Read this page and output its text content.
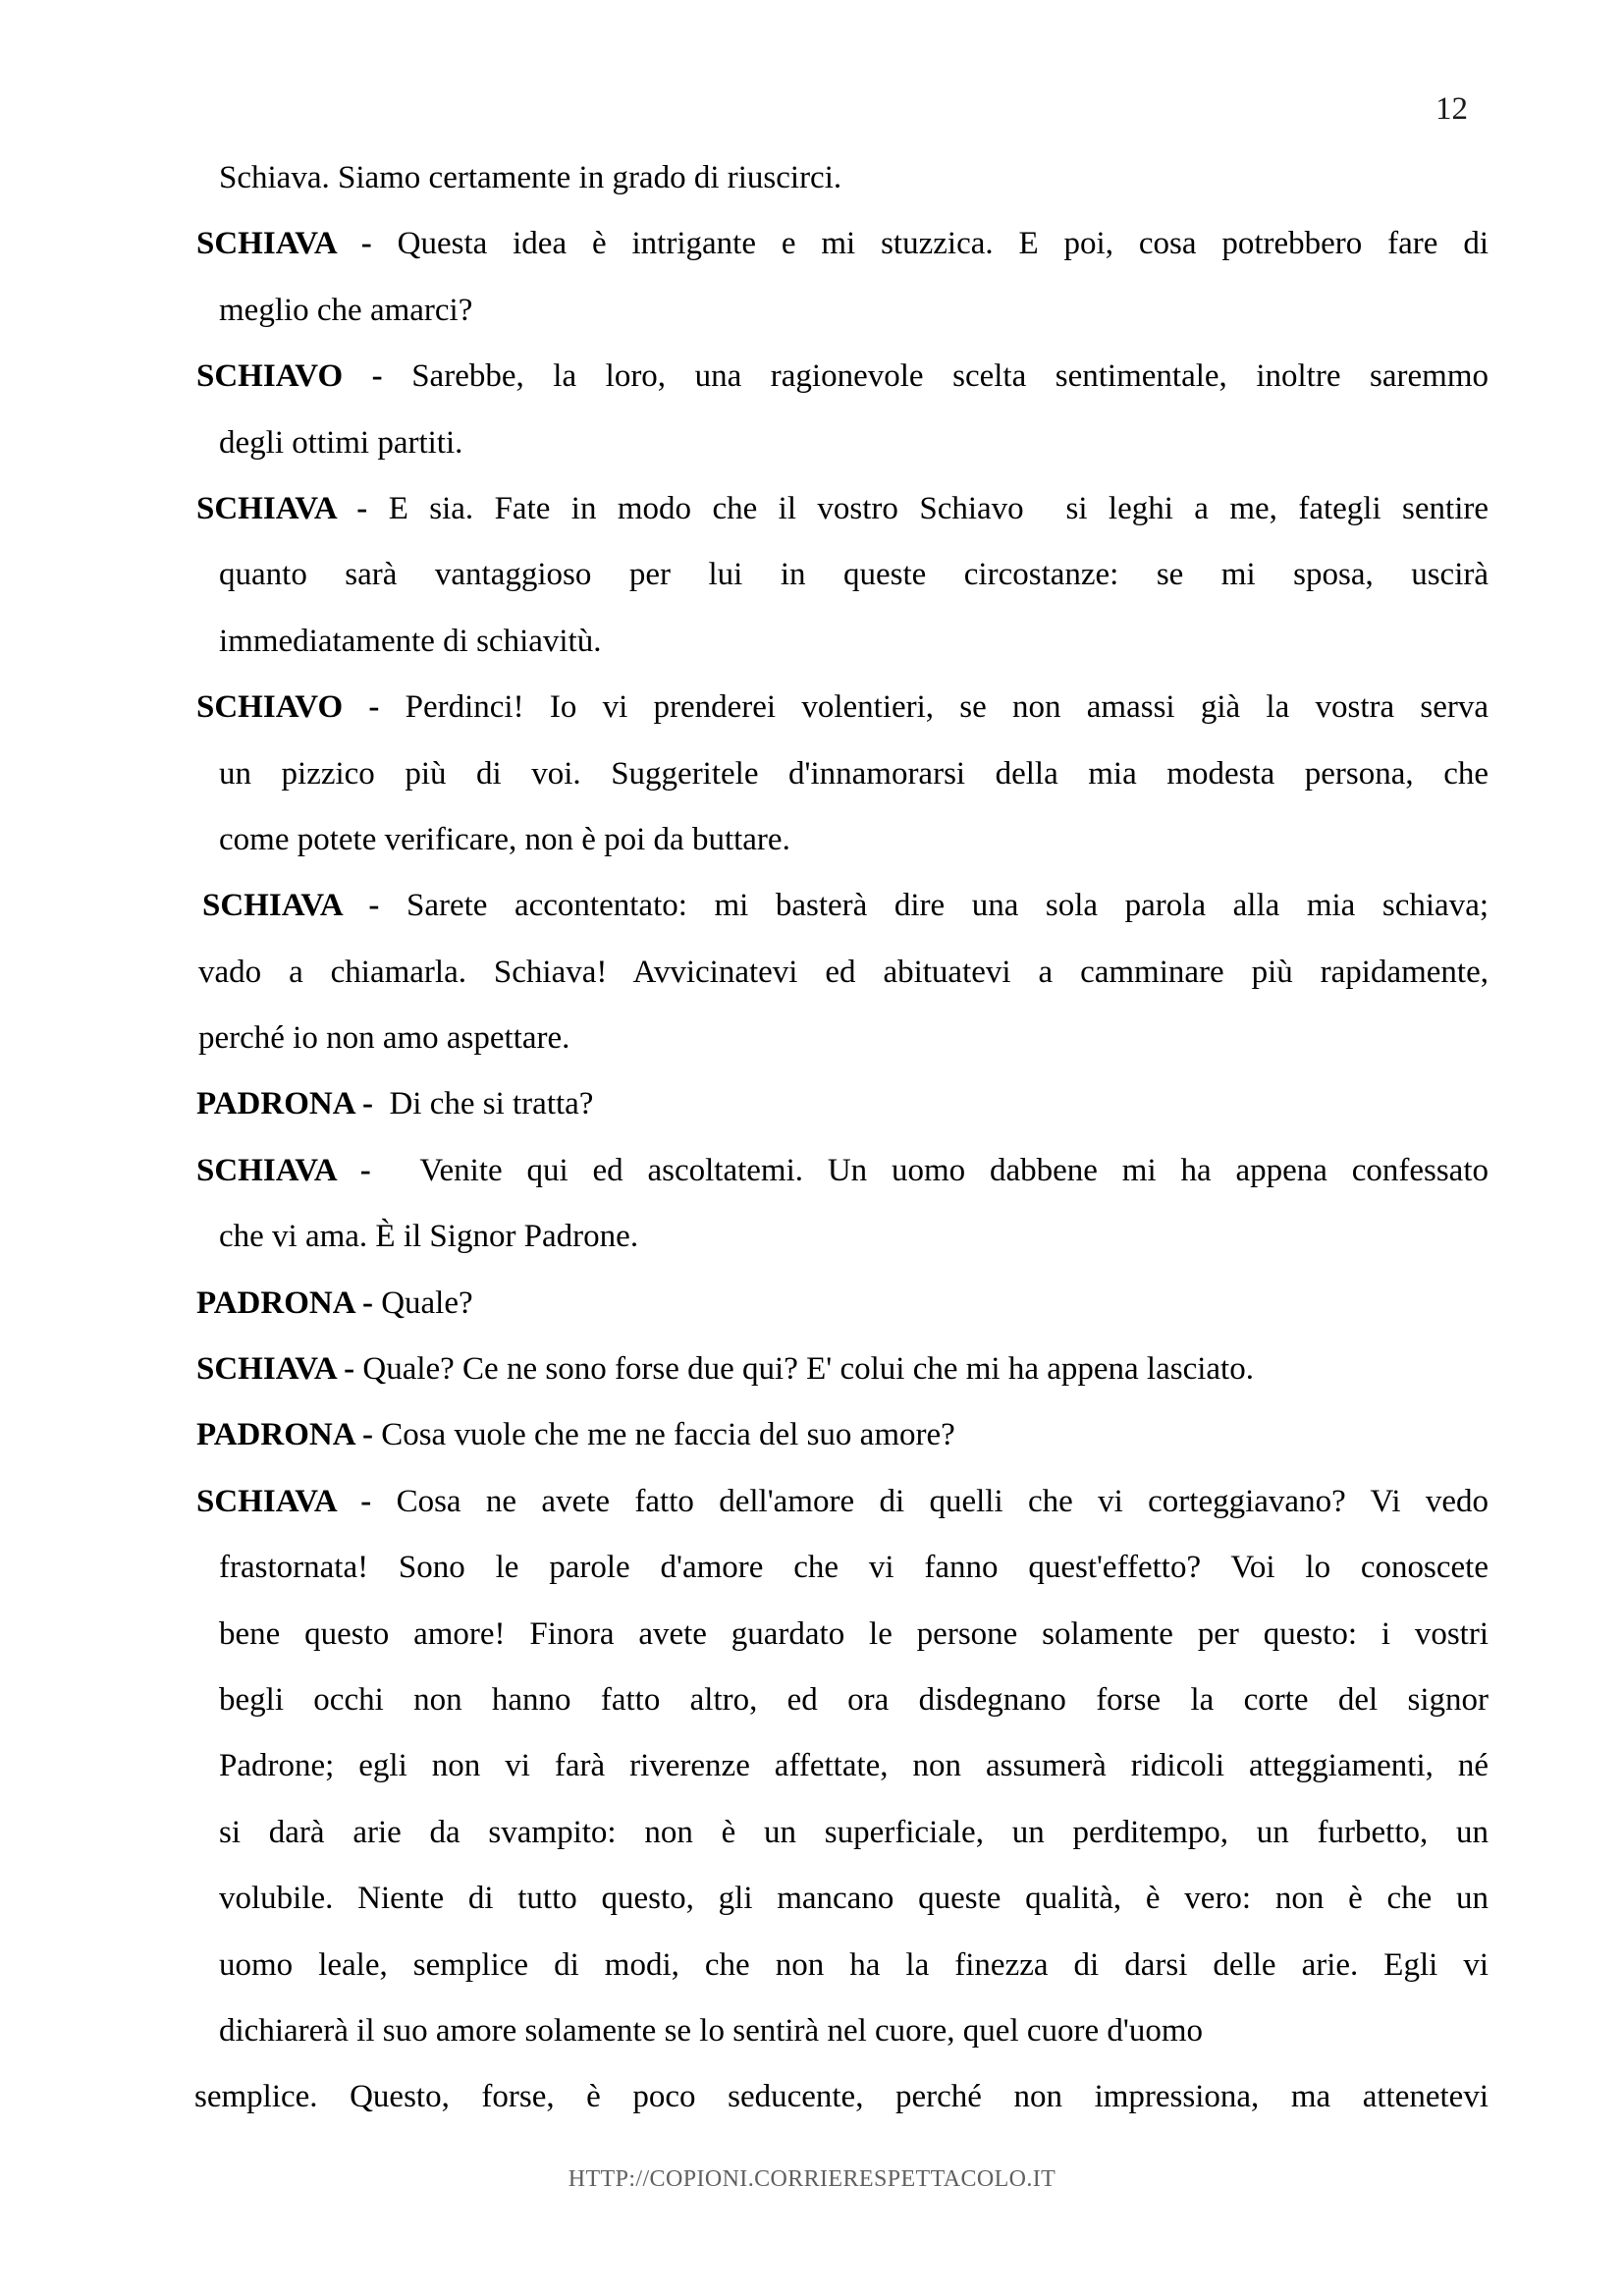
12
Schiava. Siamo certamente in grado di riuscirci.
SCHIAVA - Questa idea è intrigante e mi stuzzica. E poi, cosa potrebbero fare di
meglio che amarci?
SCHIAVO - Sarebbe, la loro, una ragionevole scelta sentimentale, inoltre saremmo
degli ottimi partiti.
SCHIAVA - E sia. Fate in modo che il vostro Schiavo  si leghi a me, fategli sentire
quanto sarà vantaggioso per lui in queste circostanze: se mi sposa, uscirà
immediatamente di schiavitù.
SCHIAVO - Perdinci! Io vi prenderei volentieri, se non amassi già la vostra serva
un pizzico più di voi. Suggeritele d'innamorarsi della mia modesta persona, che
come potete verificare, non è poi da buttare.
SCHIAVA - Sarete accontentato: mi basterà dire una sola parola alla mia schiava;
vado a chiamarla. Schiava! Avvicinatevi ed abituatevi a camminare più rapidamente,
perché io non amo aspettare.
PADRONA -  Di che si tratta?
SCHIAVA -  Venite qui ed ascoltatemi. Un uomo dabbene mi ha appena confessato
che vi ama. È il Signor Padrone.
PADRONA - Quale?
SCHIAVA - Quale? Ce ne sono forse due qui? E' colui che mi ha appena lasciato.
PADRONA - Cosa vuole che me ne faccia del suo amore?
SCHIAVA - Cosa ne avete fatto dell'amore di quelli che vi corteggiavano? Vi vedo
frastornata! Sono le parole d'amore che vi fanno quest'effetto? Voi lo conoscete
bene questo amore! Finora avete guardato le persone solamente per questo: i vostri
begli occhi non hanno fatto altro, ed ora disdegnano forse la corte del signor
Padrone; egli non vi farà riverenze affettate, non assumerà ridicoli atteggiamenti, né
si darà arie da svampito: non è un superficiale, un perditempo, un furbetto, un
volubile. Niente di tutto questo, gli mancano queste qualità, è vero: non è che un
uomo leale, semplice di modi, che non ha la finezza di darsi delle arie. Egli vi
dichiarerà il suo amore solamente se lo sentirà nel cuore, quel cuore d'uomo
semplice. Questo, forse, è poco seducente, perché non impressiona, ma attenetevi
HTTP://COPIONI.CORRIERESPETTACOLO.IT
